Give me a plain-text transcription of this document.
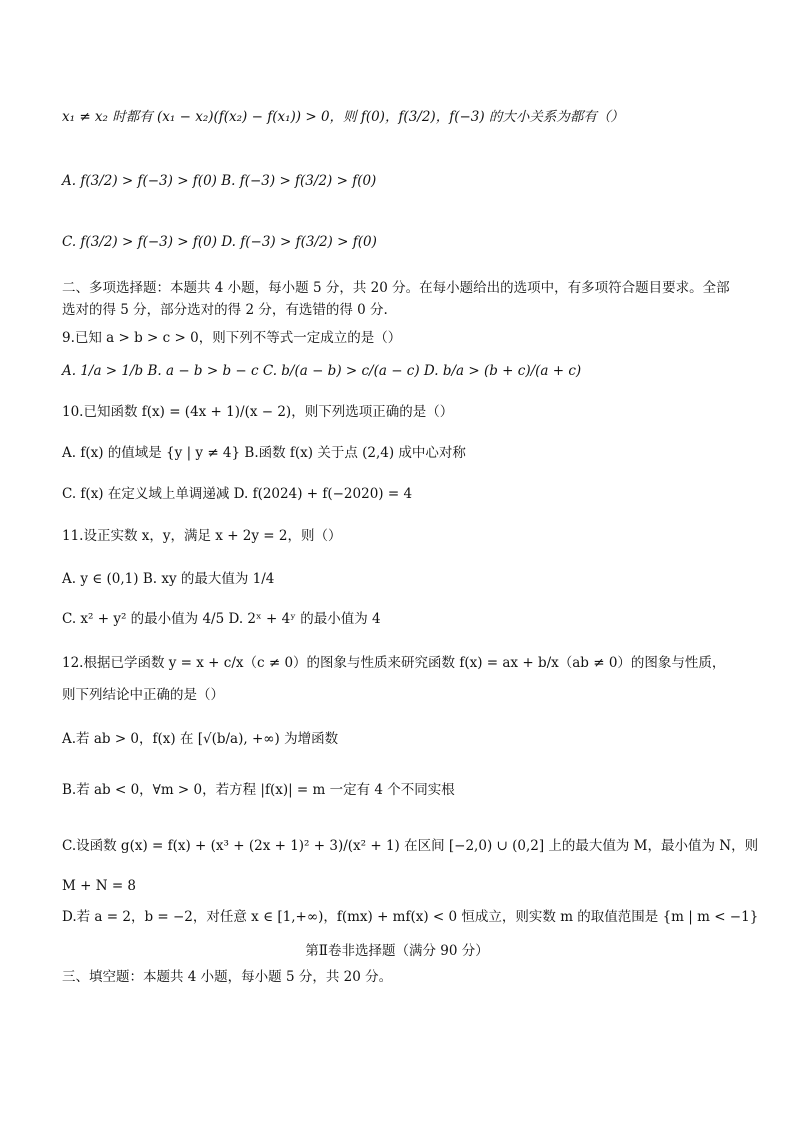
x₁ ≠ x₂ 时都有 (x₁ − x₂)(f(x₂) − f(x₁)) > 0，则 f(0)，f(3/2)，f(−3) 的大小关系为都有（）
A. f(3/2) > f(−3) > f(0) B. f(−3) > f(3/2) > f(0)
C. f(3/2) > f(−3) > f(0) D. f(−3) > f(3/2) > f(0)
二、多项选择题：本题共 4 小题，每小题 5 分，共 20 分。在每小题给出的选项中，有多项符合题目要求。全部选对的得 5 分，部分选对的得 2 分，有选错的得 0 分.
9.已知 a > b > c > 0，则下列不等式一定成立的是（）
A. 1/a > 1/b B. a − b > b − c C. b/(a − b) > c/(a − c) D. b/a > (b + c)/(a + c)
10.已知函数 f(x) = (4x + 1)/(x − 2)，则下列选项正确的是（）
A. f(x) 的值域是 {y | y ≠ 4} B.函数 f(x) 关于点 (2,4) 成中心对称
C. f(x) 在定义域上单调递减 D. f(2024) + f(−2020) = 4
11.设正实数 x，y，满足 x + 2y = 2，则（）
A. y ∈ (0,1) B. xy 的最大值为 1/4
C. x² + y² 的最小值为 4/5 D. 2ˣ + 4ʸ 的最小值为 4
12.根据已学函数 y = x + c/x（c ≠ 0）的图象与性质来研究函数 f(x) = ax + b/x（ab ≠ 0）的图象与性质，
则下列结论中正确的是（）
A.若 ab > 0，f(x) 在 [√(b/a), +∞) 为增函数
B.若 ab < 0，∀m > 0，若方程 |f(x)| = m 一定有 4 个不同实根
C.设函数 g(x) = f(x) + (x³ + (2x + 1)² + 3)/(x² + 1) 在区间 [−2,0) ∪ (0,2] 上的最大值为 M，最小值为 N，则
M + N = 8
D.若 a = 2，b = −2，对任意 x ∈ [1,+∞)，f(mx) + mf(x) < 0 恒成立，则实数 m 的取值范围是 {m | m < −1}
第Ⅱ卷非选择题（满分 90 分）
三、填空题：本题共 4 小题，每小题 5 分，共 20 分。
